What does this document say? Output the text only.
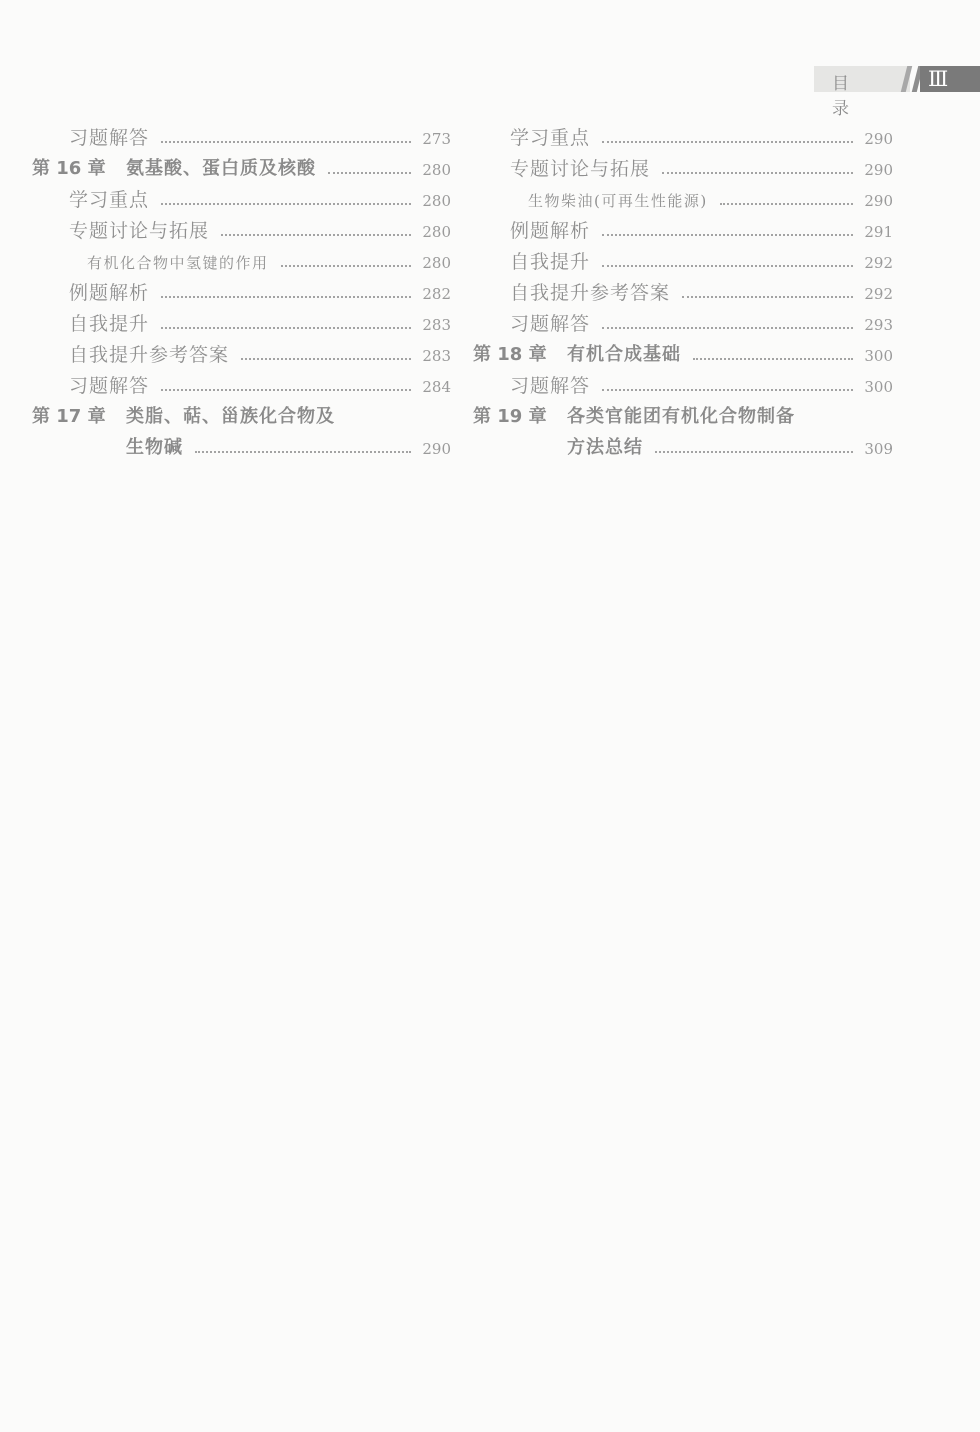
目 录
Ⅲ
习题解答	273
第 16 章	氨基酸、蛋白质及核酸	280
学习重点	280
专题讨论与拓展	280
有机化合物中氢键的作用	280
例题解析	282
自我提升	283
自我提升参考答案	283
习题解答	284
第 17 章	类脂、萜、甾族化合物及
生物碱	290
学习重点	290
专题讨论与拓展	290
生物柴油(可再生性能源)	290
例题解析	291
自我提升	292
自我提升参考答案	292
习题解答	293
第 18 章	有机合成基础	300
习题解答	300
第 19 章	各类官能团有机化合物制备
方法总结	309
